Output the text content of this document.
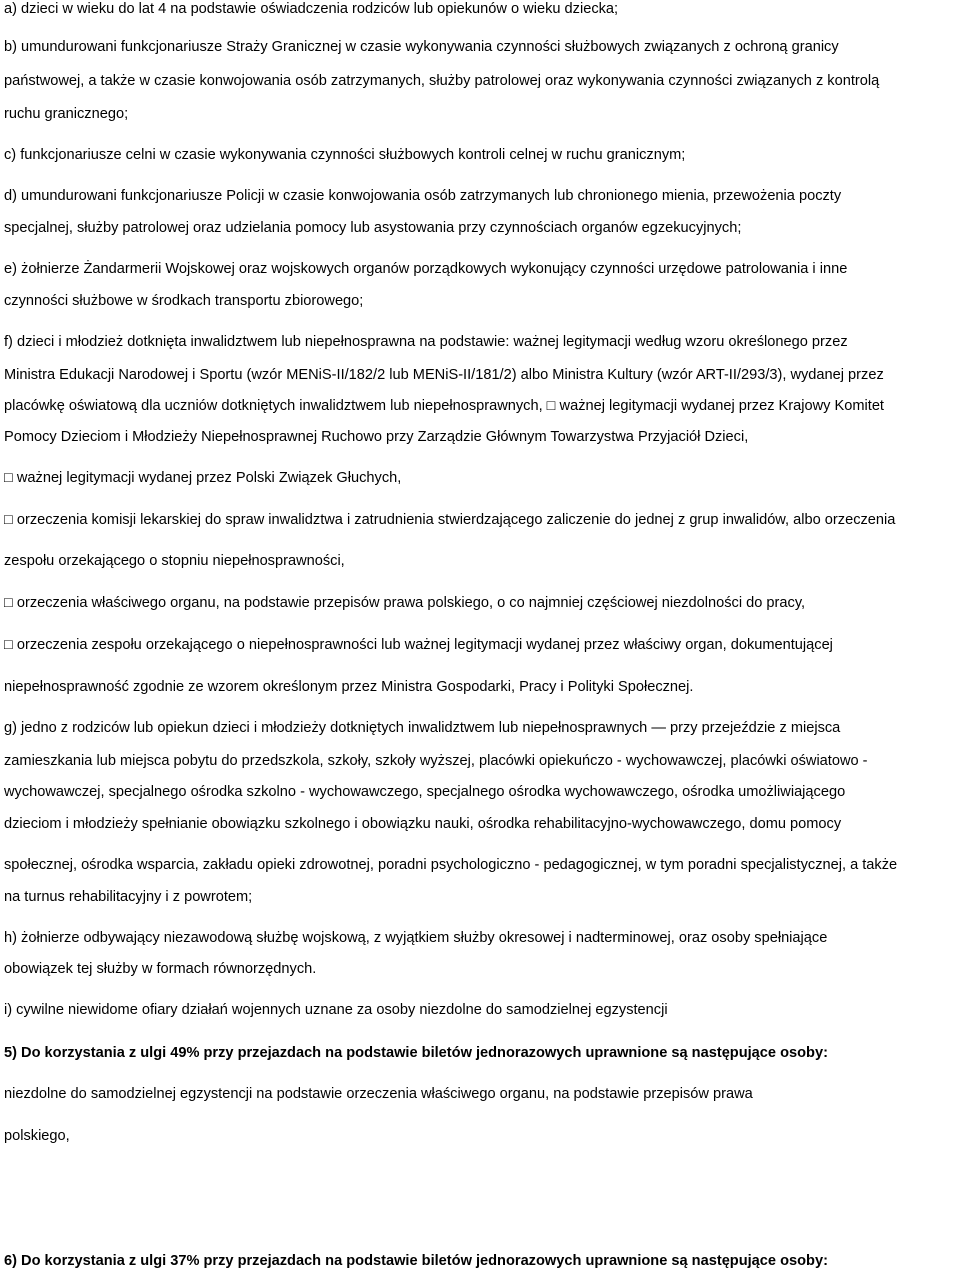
a) dzieci w wieku do lat 4 na podstawie oświadczenia rodziców lub opiekunów o wieku dziecka;
b) umundurowani funkcjonariusze Straży Granicznej w czasie wykonywania czynności służbowych związanych z ochroną granicy
państwowej, a także w czasie konwojowania osób zatrzymanych, służby patrolowej oraz wykonywania czynności związanych z kontrolą
ruchu granicznego;
c) funkcjonariusze celni w czasie wykonywania czynności służbowych kontroli celnej w ruchu granicznym;
d) umundurowani funkcjonariusze Policji w czasie konwojowania osób zatrzymanych lub chronionego mienia, przewożenia poczty
specjalnej, służby patrolowej oraz udzielania pomocy lub asystowania przy czynnościach organów egzekucyjnych;
e) żołnierze Żandarmerii Wojskowej oraz wojskowych organów porządkowych wykonujący czynności urzędowe patrolowania i inne
czynności służbowe w środkach transportu zbiorowego;
f) dzieci i młodzież dotknięta inwalidztwem lub niepełnosprawna na podstawie: ważnej legitymacji według wzoru określonego przez
Ministra Edukacji Narodowej i Sportu (wzór MENiS-II/182/2 lub MENiS-II/181/2) albo Ministra Kultury (wzór ART-II/293/3), wydanej przez
placówkę oświatową dla uczniów dotkniętych inwalidztwem lub niepełnosprawnych, □ ważnej legitymacji wydanej przez Krajowy Komitet
Pomocy Dzieciom i Młodzieży Niepełnosprawnej Ruchowo przy Zarządzie Głównym Towarzystwa Przyjaciół Dzieci,
□ ważnej legitymacji wydanej przez Polski Związek Głuchych,
□ orzeczenia komisji lekarskiej do spraw inwalidztwa i zatrudnienia stwierdzającego zaliczenie do jednej z grup inwalidów, albo orzeczenia
zespołu orzekającego o stopniu niepełnosprawności,
□ orzeczenia właściwego organu, na podstawie przepisów prawa polskiego, o co najmniej częściowej niezdolności do pracy,
□ orzeczenia zespołu orzekającego o niepełnosprawności lub ważnej legitymacji wydanej przez właściwy organ, dokumentującej
niepełnosprawność zgodnie ze wzorem określonym przez Ministra Gospodarki, Pracy i Polityki Społecznej.
g) jedno z rodziców lub opiekun dzieci i młodzieży dotkniętych inwalidztwem lub niepełnosprawnych — przy przejeździe z miejsca
zamieszkania lub miejsca pobytu do przedszkola, szkoły, szkoły wyższej, placówki opiekuńczo - wychowawczej, placówki oświatowo -
wychowawczej, specjalnego ośrodka szkolno - wychowawczego, specjalnego ośrodka wychowawczego, ośrodka umożliwiającego
dzieciom i młodzieży spełnianie obowiązku szkolnego i obowiązku nauki, ośrodka rehabilitacyjno-wychowawczego, domu pomocy
społecznej, ośrodka wsparcia, zakładu opieki zdrowotnej, poradni psychologiczno - pedagogicznej, w tym poradni specjalistycznej, a także
na turnus rehabilitacyjny i z powrotem;
h) żołnierze odbywający niezawodową służbę wojskową, z wyjątkiem służby okresowej i nadterminowej, oraz osoby spełniające
obowiązek tej służby w formach równorzędnych.
i) cywilne niewidome ofiary działań wojennych uznane za osoby niezdolne do samodzielnej egzystencji
5) Do korzystania z ulgi 49% przy przejazdach na podstawie biletów jednorazowych uprawnione są następujące osoby:
niezdolne do samodzielnej egzystencji na podstawie orzeczenia właściwego organu, na podstawie przepisów prawa
polskiego,
6) Do korzystania z ulgi 37% przy przejazdach na podstawie biletów jednorazowych uprawnione są następujące osoby:
